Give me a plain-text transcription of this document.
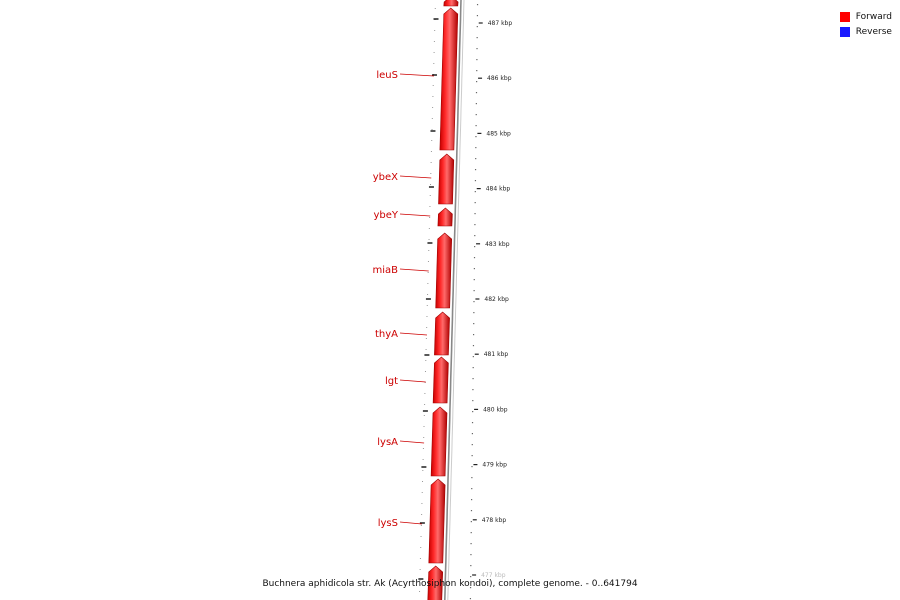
487 kbp
486 kbp
485 kbp
484 kbp
483 kbp
482 kbp
481 kbp
480 kbp
479 kbp
478 kbp
477 kbp
leuS
ybeX
ybeY
miaB
thyA
lgt
lysA
lysS
Forward
Reverse
Buchnera aphidicola str. Ak (Acyrthosiphon kondoi), complete genome. - 0..641794
